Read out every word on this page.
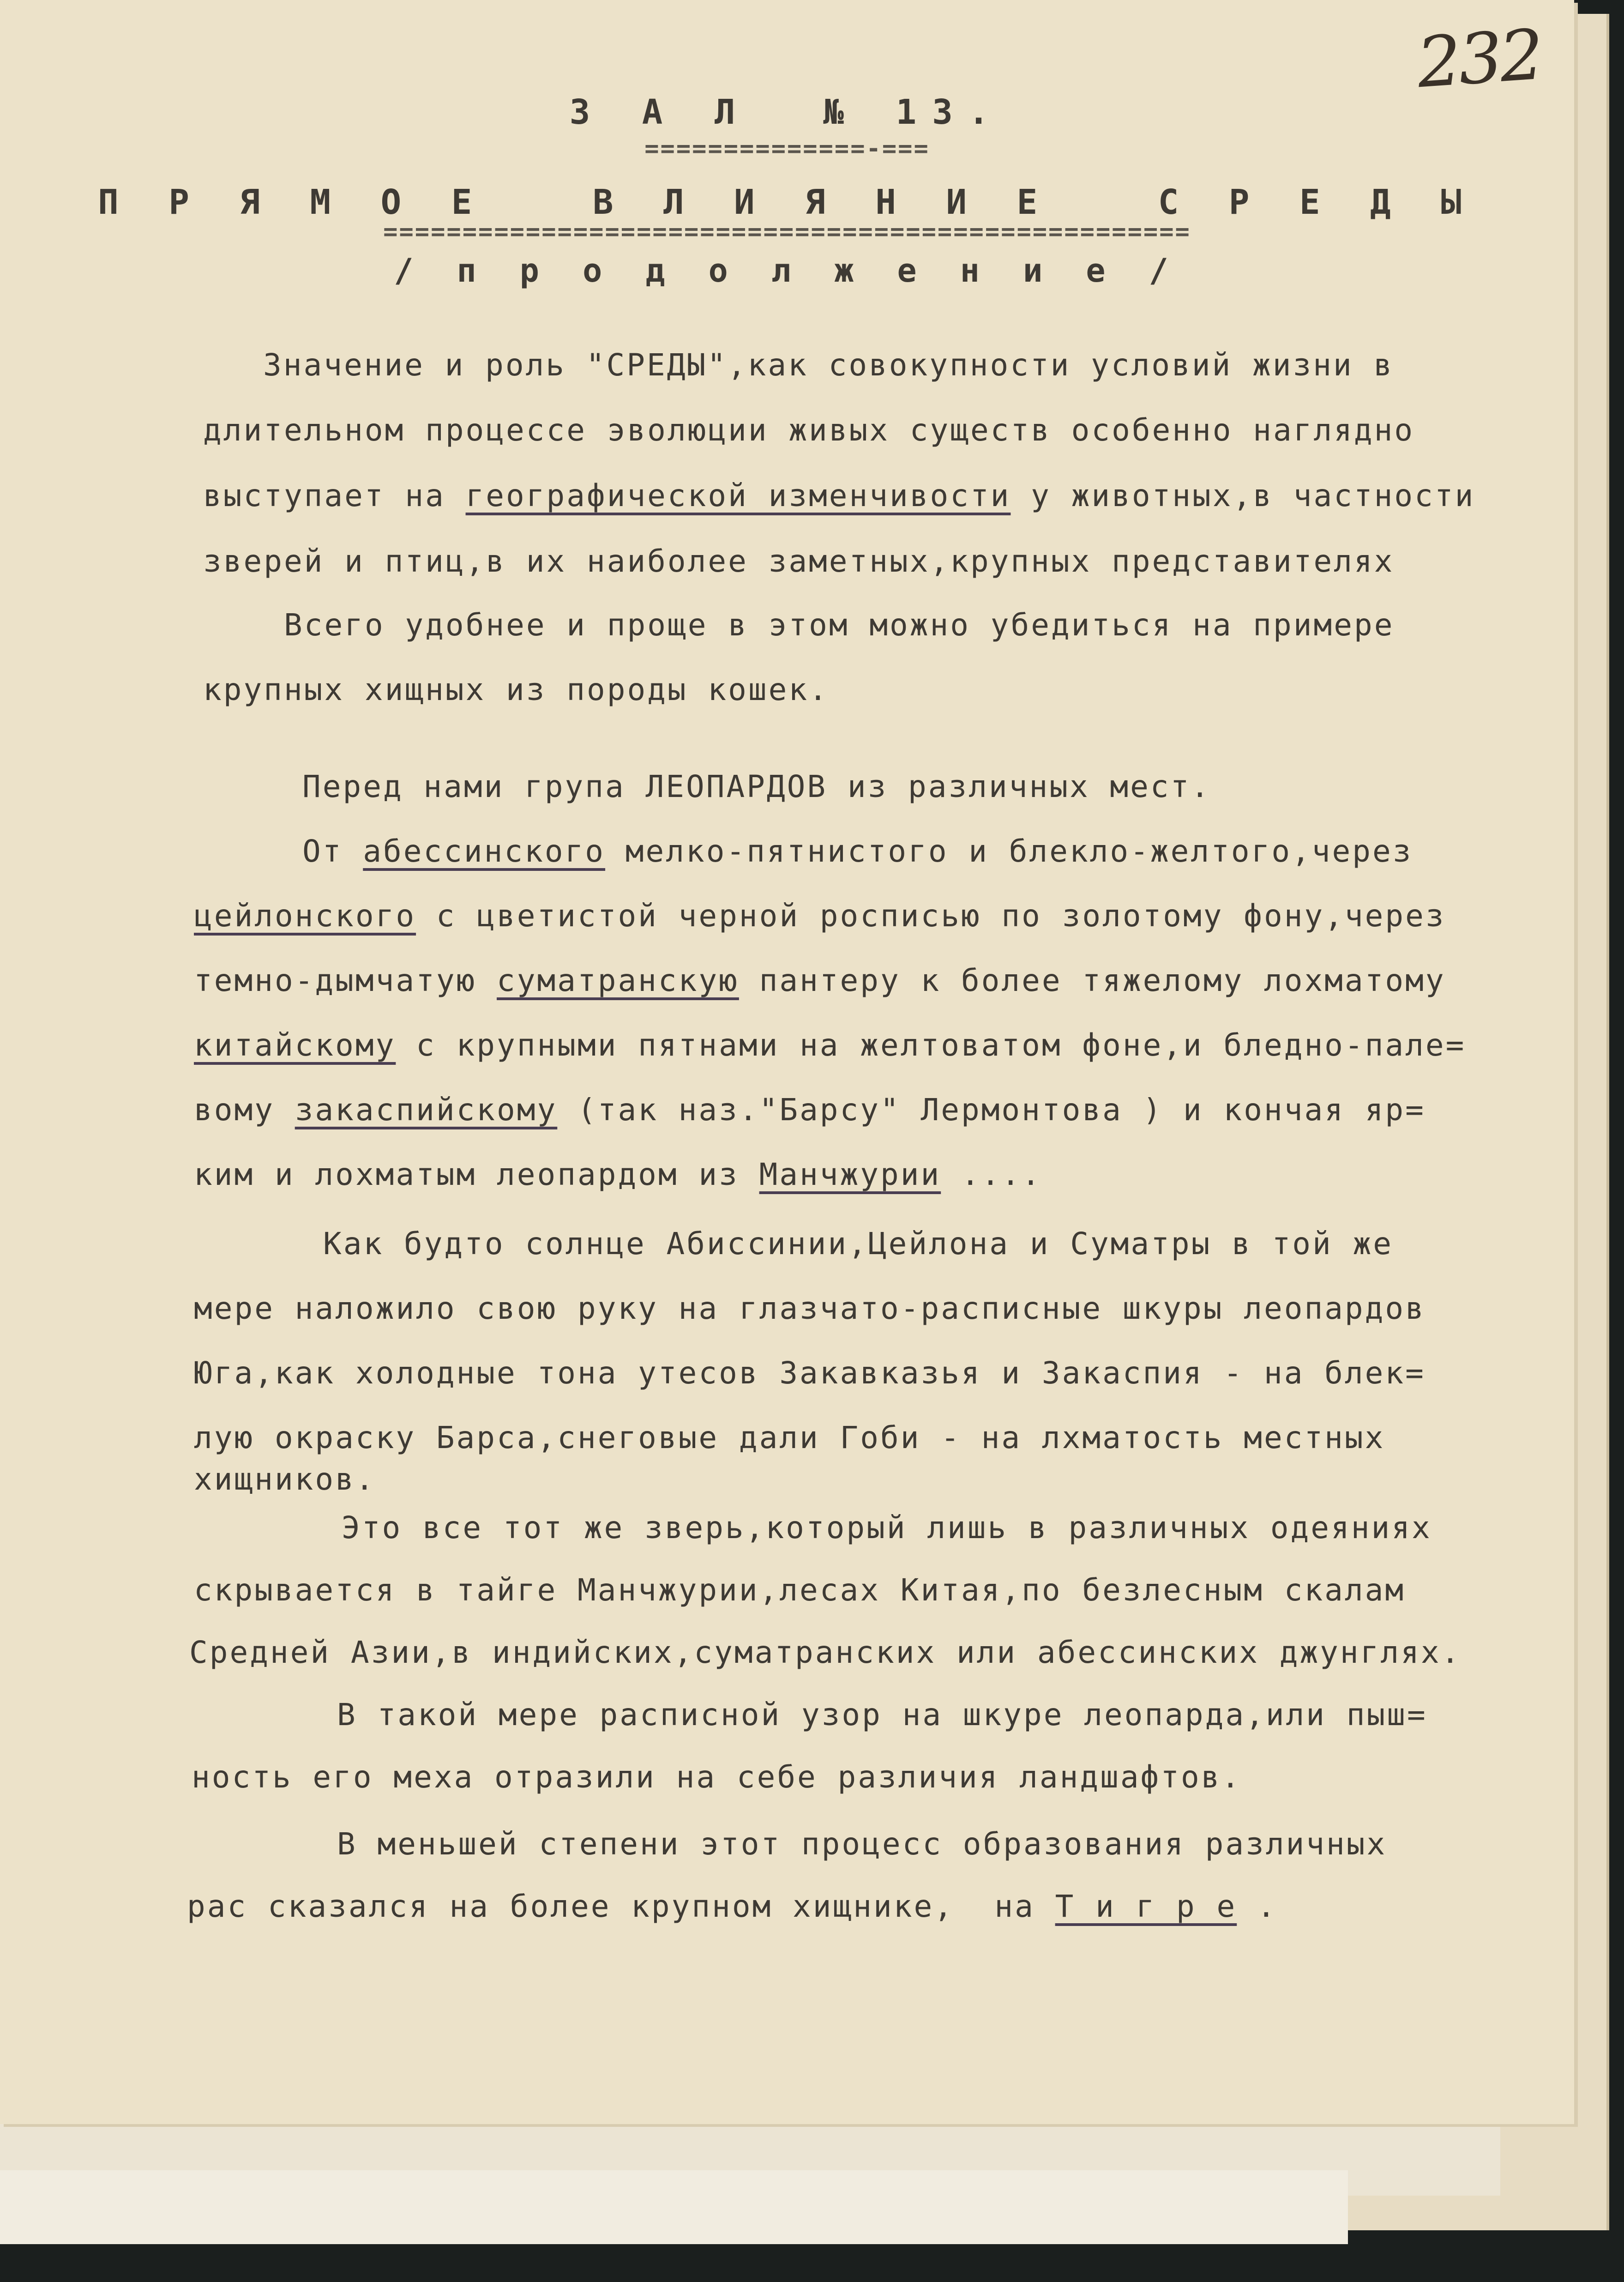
232
З А Л  № 13.
==============-===
П Р Я М О Е   В Л И Я Н И Е   С Р Е Д Ы
===================================================
/ п р о д о л ж е н и е /
Значение и роль "СРЕДЫ",как совокупности условий жизни в
длительном процессе эволюции живых существ особенно наглядно
выступает на географической изменчивости у животных,в частности
зверей и птиц,в их наиболее заметных,крупных представителях
Всего удобнее и проще в этом можно убедиться на примере
крупных хищных из породы кошек.
Перед нами група ЛЕОПАРДОВ из различных мест.
От абессинского мелко-пятнистого и блекло-желтого,через
цейлонского с цветистой черной росписью по золотому фону,через
темно-дымчатую суматранскую пантеру к более тяжелому лохматому
китайскому с крупными пятнами на желтоватом фоне,и бледно-пале=
вому закаспийскому (так наз."Барсу" Лермонтова ) и кончая яр=
ким и лохматым леопардом из Манчжурии ....
Как будто солнце Абиссинии,Цейлона и Суматры в той же
мере наложило свою руку на глазчато-расписные шкуры леопардов
Юга,как холодные тона утесов Закавказья и Закаспия - на блек=
лую окраску Барса,снеговые дали Гоби - на лхматость местных
хищников.
Это все тот же зверь,который лишь в различных одеяниях
скрывается в тайге Манчжурии,лесах Китая,по безлесным скалам
Средней Азии,в индийских,суматранских или абессинских джунглях.
В такой мере расписной узор на шкуре леопарда,или пыш=
ность его меха отразили на себе различия ландшафтов.
В меньшей степени этот процесс образования различных
рас сказался на более крупном хищнике,  на Т и г р е .
